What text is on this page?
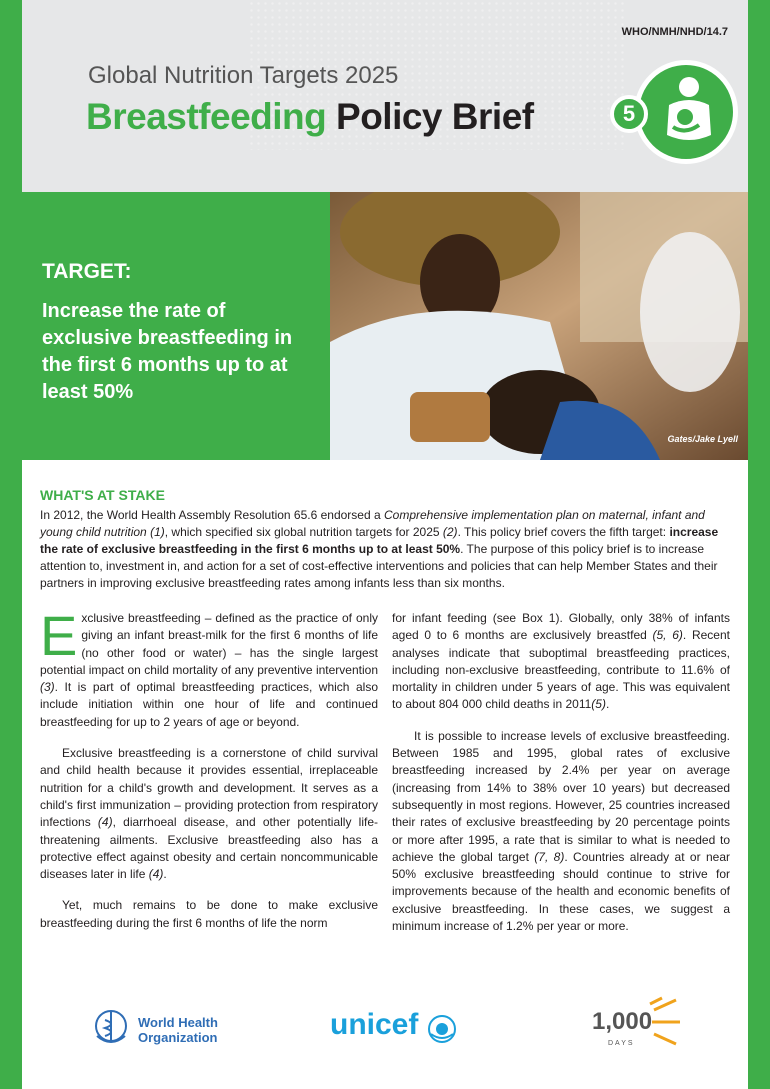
WHO/NMH/NHD/14.7
Global Nutrition Targets 2025
Breastfeeding Policy Brief	5
TARGET:
Increase the rate of exclusive breastfeeding in the first 6 months up to at least 50%
Gates/Jake Lyell
WHAT'S AT STAKE
In 2012, the World Health Assembly Resolution 65.6 endorsed a Comprehensive implementation plan on maternal, infant and young child nutrition (1), which specified six global nutrition targets for 2025 (2). This policy brief covers the fifth target: increase the rate of exclusive breastfeeding in the first 6 months up to at least 50%. The purpose of this policy brief is to increase attention to, investment in, and action for a set of cost-effective interventions and policies that can help Member States and their partners in improving exclusive breastfeeding rates among infants less than six months.

Exclusive breastfeeding – defined as the practice of only giving an infant breast-milk for the first 6 months of life (no other food or water) – has the single largest potential impact on child mortality of any preventive intervention (3). It is part of optimal breastfeeding practices, which also include initiation within one hour of life and continued breastfeeding for up to 2 years of age or beyond.

Exclusive breastfeeding is a cornerstone of child survival and child health because it provides essential, irreplaceable nutrition for a child's growth and development. It serves as a child's first immunization – providing protection from respiratory infections (4), diarrhoeal disease, and other potentially life-threatening ailments. Exclusive breastfeeding also has a protective effect against obesity and certain noncommunicable diseases later in life (4).

Yet, much remains to be done to make exclusive breastfeeding during the first 6 months of life the norm

for infant feeding (see Box 1). Globally, only 38% of infants aged 0 to 6 months are exclusively breastfed (5, 6). Recent analyses indicate that suboptimal breastfeeding practices, including non-exclusive breastfeeding, contribute to 11.6% of mortality in children under 5 years of age. This was equivalent to about 804 000 child deaths in 2011(5).

It is possible to increase levels of exclusive breastfeeding. Between 1985 and 1995, global rates of exclusive breastfeeding increased by 2.4% per year on average (increasing from 14% to 38% over 10 years) but decreased subsequently in most regions. However, 25 countries increased their rates of exclusive breastfeeding by 20 percentage points or more after 1995, a rate that is similar to what is needed to achieve the global target (7, 8). Countries already at or near 50% exclusive breastfeeding should continue to strive for improvements because of the health and economic benefits of exclusive breastfeeding. In these cases, we suggest a minimum increase of 1.2% per year or more.

World Health
Organization	unicef	1,000
DAYS
